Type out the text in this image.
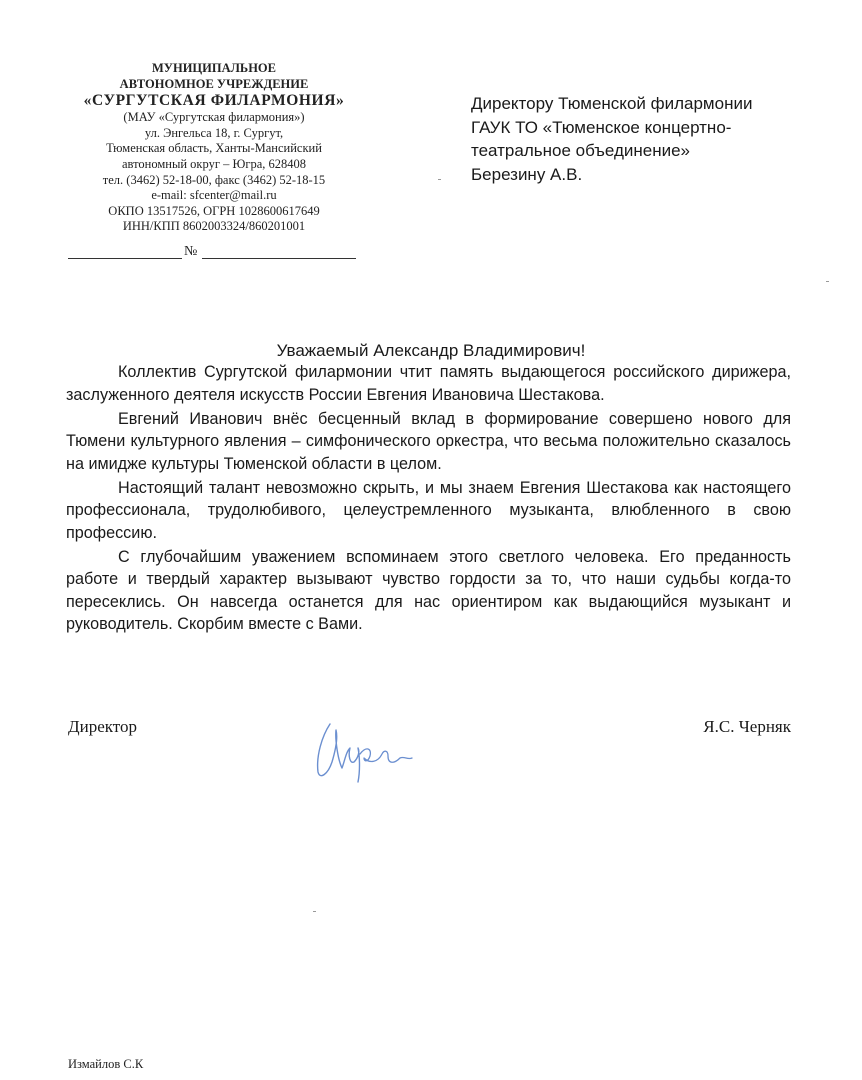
МУНИЦИПАЛЬНОЕ
АВТОНОМНОЕ УЧРЕЖДЕНИЕ
«СУРГУТСКАЯ ФИЛАРМОНИЯ»
(МАУ «Сургутская филармония»)
ул. Энгельса 18, г. Сургут,
Тюменская область, Ханты-Мансийский
автономный округ – Югра, 628408
тел. (3462) 52-18-00, факс (3462) 52-18-15
e-mail: sfcenter@mail.ru
ОКПО 13517526, ОГРН 1028600617649
ИНН/КПП 8602003324/860201001
№
Директору Тюменской филармонии
ГАУК ТО «Тюменское концертно-
театральное объединение»
Березину А.В.
Уважаемый Александр Владимирович!

Коллектив Сургутской филармонии чтит память выдающегося российского дирижера, заслуженного деятеля искусств России Евгения Ивановича Шестакова.

Евгений Иванович внёс бесценный вклад в формирование совершено нового для Тюмени культурного явления – симфонического оркестра, что весьма положительно сказалось на имидже культуры Тюменской области в целом.

Настоящий талант невозможно скрыть, и мы знаем Евгения Шестакова как настоящего профессионала, трудолюбивого, целеустремленного музыканта, влюбленного в свою профессию.

С глубочайшим уважением вспоминаем этого светлого человека. Его преданность работе и твердый характер вызывают чувство гордости за то, что наши судьбы когда-то пересеклись. Он навсегда останется для нас ориентиром как выдающийся музыкант и руководитель. Скорбим вместе с Вами.

Директор	Я.С. Черняк
Измайлов С.К
